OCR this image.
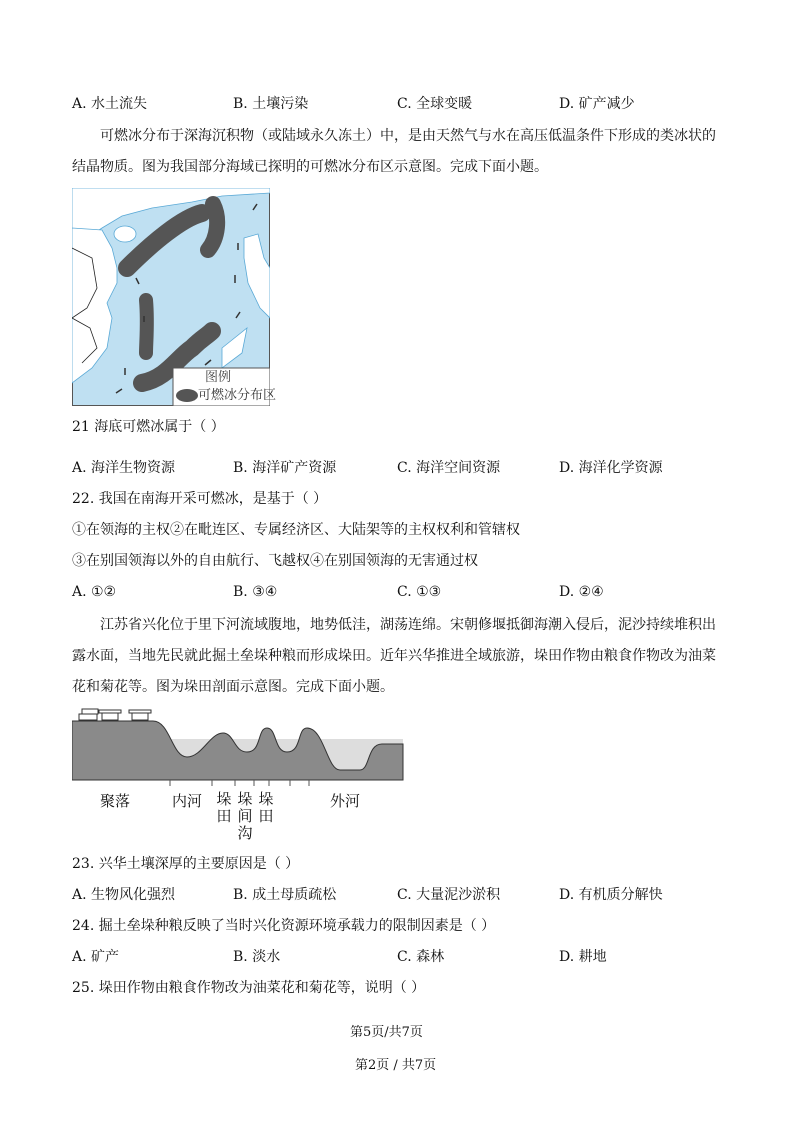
A. 水土流失	B. 土壤污染	C. 全球变暖	D. 矿产减少
可燃冰分布于深海沉积物（或陆域永久冻土）中，是由天然气与水在高压低温条件下形成的类冰状的
结晶物质。图为我国部分海域已探明的可燃冰分布区示意图。完成下面小题。
图例
可燃冰分布区
21 海底可燃冰属于（ ）
A. 海洋生物资源	B. 海洋矿产资源	C. 海洋空间资源	D. 海洋化学资源
22. 我国在南海开采可燃冰，是基于（ ）
①在领海的主权②在毗连区、专属经济区、大陆架等的主权权利和管辖权
③在别国领海以外的自由航行、飞越权④在别国领海的无害通过权
A. ①②	B. ③④	C. ①③	D. ②④
江苏省兴化位于里下河流域腹地，地势低洼，湖荡连绵。宋朝修堰抵御海潮入侵后，泥沙持续堆积出
露水面，当地先民就此掘土垒垛种粮而形成垛田。近年兴华推进全域旅游，垛田作物由粮食作物改为油菜
花和菊花等。图为垛田剖面示意图。完成下面小题。
聚落	内河 垛田
垛间沟
垛田
外河
23. 兴华土壤深厚的主要原因是（ ）
A. 生物风化强烈	B. 成土母质疏松	C. 大量泥沙淤积	D. 有机质分解快
24. 掘土垒垛种粮反映了当时兴化资源环境承载力的限制因素是（ ）
A. 矿产	B. 淡水	C. 森林	D. 耕地
25. 垛田作物由粮食作物改为油菜花和菊花等，说明（ ）
第5页/共7页
第2页 / 共7页
